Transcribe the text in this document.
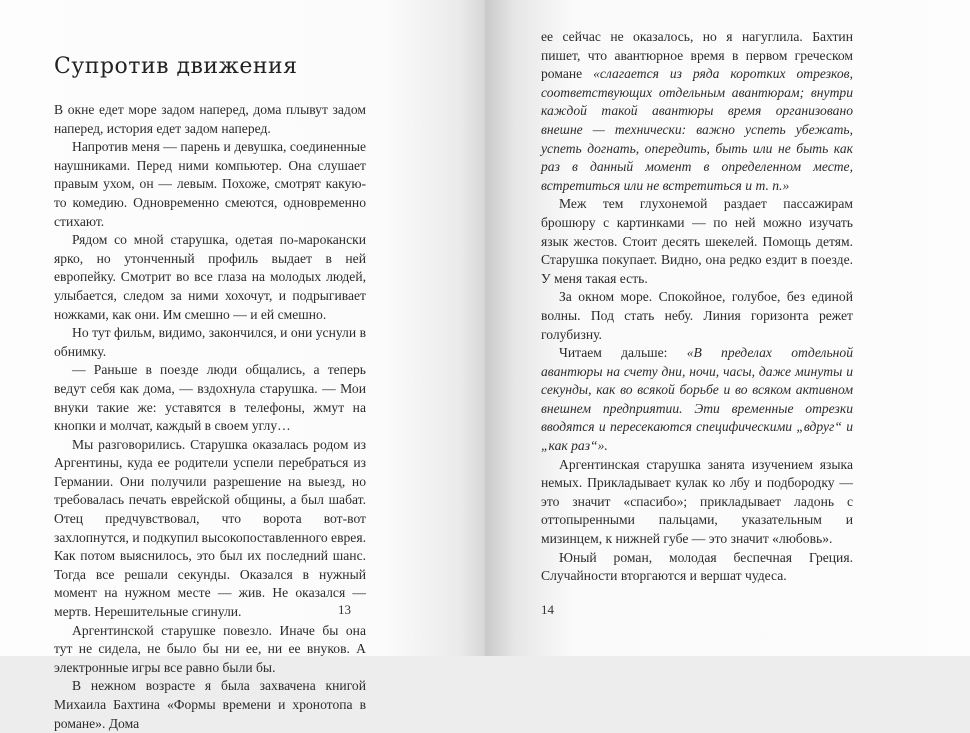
Супротив движения

В окне едет море задом наперед, дома плывут задом наперед, история едет задом наперед.

Напротив меня — парень и девушка, соединенные наушниками. Перед ними компьютер. Она слушает правым ухом, он — левым. Похоже, смотрят какую-то комедию. Одновременно смеются, одновременно стихают.

Рядом со мной старушка, одетая по-марокански ярко, но утонченный профиль выдает в ней европейку. Смотрит во все глаза на молодых людей, улыбается, следом за ними хохочут, и подрыгивает ножками, как они. Им смешно — и ей смешно.

Но тут фильм, видимо, закончился, и они уснули в обнимку.

— Раньше в поезде люди общались, а теперь ведут себя как дома, — вздохнула старушка. — Мои внуки такие же: уставятся в телефоны, жмут на кнопки и молчат, каждый в своем углу…

Мы разговорились. Старушка оказалась родом из Аргентины, куда ее родители успели перебраться из Германии. Они получили разрешение на выезд, но требовалась печать еврейской общины, а был шабат. Отец предчувствовал, что ворота вот-вот захлопнутся, и подкупил высокопоставленного еврея. Как потом выяснилось, это был их последний шанс. Тогда все решали секунды. Оказался в нужный момент на нужном месте — жив. Не оказался — мертв. Нерешительные сгинули.

Аргентинской старушке повезло. Иначе бы она тут не сидела, не было бы ни ее, ни ее внуков. А электронные игры все равно были бы.

В нежном возрасте я была захвачена книгой Михаила Бахтина «Формы времени и хронотопа в романе». Дома

13

ее сейчас не оказалось, но я нагуглила. Бахтин пишет, что авантюрное время в первом греческом романе «слагается из ряда коротких отрезков, соответствующих отдельным авантюрам; внутри каждой такой авантюры время организовано внешне — технически: важно успеть убежать, успеть догнать, опередить, быть или не быть как раз в данный момент в определенном месте, встретиться или не встретиться и т. п.»

Меж тем глухонемой раздает пассажирам брошюру с картинками — по ней можно изучать язык жестов. Стоит десять шекелей. Помощь детям. Старушка покупает. Видно, она редко ездит в поезде. У меня такая есть.

За окном море. Спокойное, голубое, без единой волны. Под стать небу. Линия горизонта режет голубизну.

Читаем дальше: «В пределах отдельной авантюры на счету дни, ночи, часы, даже минуты и секунды, как во всякой борьбе и во всяком активном внешнем предприятии. Эти временные отрезки вводятся и пересекаются специфическими „вдруг“ и „как раз“».

Аргентинская старушка занята изучением языка немых. Прикладывает кулак ко лбу и подбородку — это значит «спасибо»; прикладывает ладонь с оттопыренными пальцами, указательным и мизинцем, к нижней губе — это значит «любовь».

Юный роман, молодая беспечная Греция. Случайности вторгаются и вершат чудеса.

14
